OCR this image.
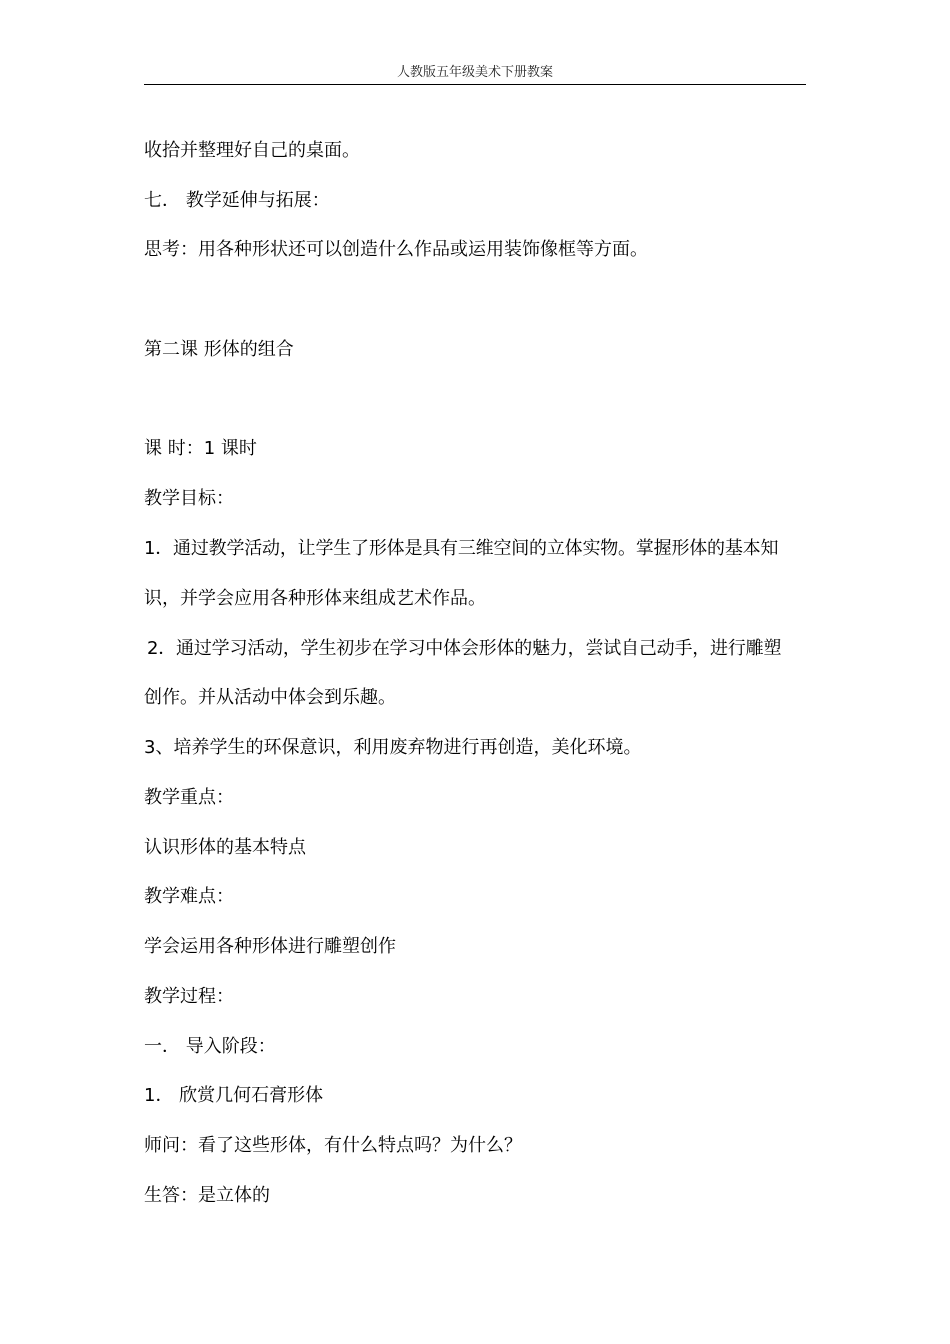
人教版五年级美术下册教案
收拾并整理好自己的桌面。
七． 教学延伸与拓展：
思考：用各种形状还可以创造什么作品或运用装饰像框等方面。
第二课 形体的组合
课 时：1 课时
教学目标：
1．通过教学活动，让学生了形体是具有三维空间的立体实物。掌握形体的基本知
识，并学会应用各种形体来组成艺术作品。
2．通过学习活动，学生初步在学习中体会形体的魅力，尝试自己动手，进行雕塑
创作。并从活动中体会到乐趣。
3、培养学生的环保意识，利用废弃物进行再创造，美化环境。
教学重点：
认识形体的基本特点
教学难点：
学会运用各种形体进行雕塑创作
教学过程：
一． 导入阶段：
1． 欣赏几何石膏形体
师问：看了这些形体，有什么特点吗？为什么？
生答：是立体的
